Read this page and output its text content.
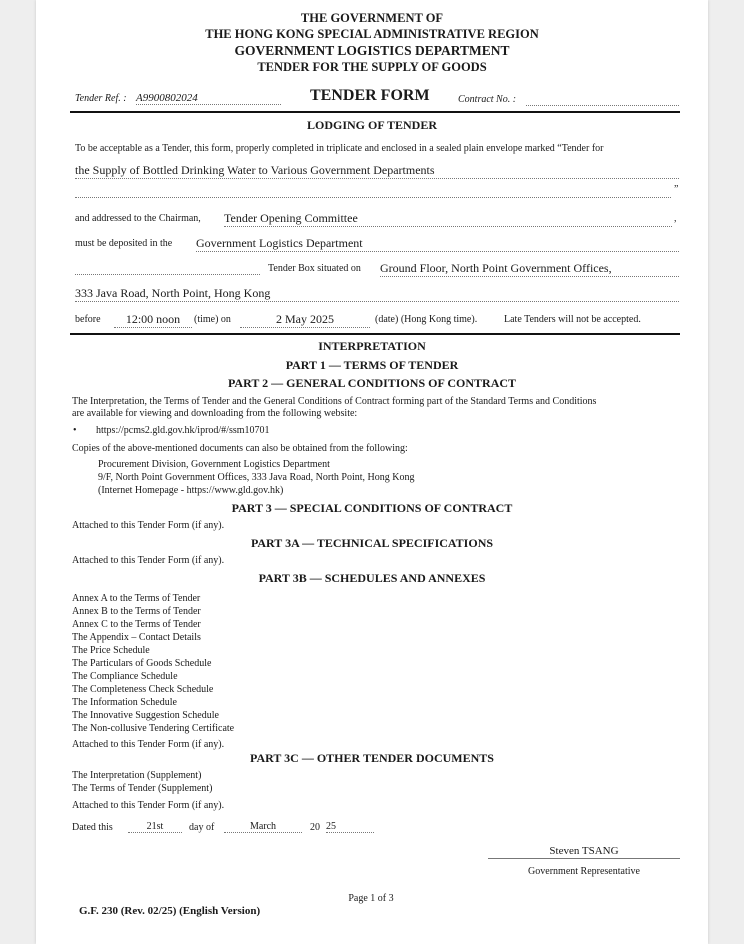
THE GOVERNMENT OF
THE HONG KONG SPECIAL ADMINISTRATIVE REGION
GOVERNMENT LOGISTICS DEPARTMENT
TENDER FOR THE SUPPLY OF GOODS
Tender Ref. : A9900802024	TENDER FORM	Contract No. :
LODGING OF TENDER
To be acceptable as a Tender, this form, properly completed in triplicate and enclosed in a sealed plain envelope marked “Tender for
the Supply of Bottled Drinking Water to Various Government Departments
”
and addressed to the Chairman, Tender Opening Committee	,
must be deposited in the Government Logistics Department
Tender Box situated on Ground Floor, North Point Government Offices,
333 Java Road, North Point, Hong Kong
before	12:00 noon	(time) on	2 May 2025	(date) (Hong Kong time).	Late Tenders will not be accepted.
INTERPRETATION
PART 1 — TERMS OF TENDER
PART 2 — GENERAL CONDITIONS OF CONTRACT
The Interpretation, the Terms of Tender and the General Conditions of Contract forming part of the Standard Terms and Conditions
are available for viewing and downloading from the following website:
• https://pcms2.gld.gov.hk/iprod/#/ssm10701
Copies of the above-mentioned documents can also be obtained from the following:
Procurement Division, Government Logistics Department
9/F, North Point Government Offices, 333 Java Road, North Point, Hong Kong
(Internet Homepage - https://www.gld.gov.hk)
PART 3 — SPECIAL CONDITIONS OF CONTRACT
Attached to this Tender Form (if any).
PART 3A — TECHNICAL SPECIFICATIONS
Attached to this Tender Form (if any).
PART 3B — SCHEDULES AND ANNEXES
Annex A to the Terms of Tender
Annex B to the Terms of Tender
Annex C to the Terms of Tender
The Appendix – Contact Details
The Price Schedule
The Particulars of Goods Schedule
The Compliance Schedule
The Completeness Check Schedule
The Information Schedule
The Innovative Suggestion Schedule
The Non-collusive Tendering Certificate
Attached to this Tender Form (if any).
PART 3C — OTHER TENDER DOCUMENTS
The Interpretation (Supplement)
The Terms of Tender (Supplement)
Attached to this Tender Form (if any).
Dated this	21st	day of	March	20 25
Steven TSANG
Government Representative
Page 1 of 3
G.F. 230 (Rev. 02/25) (English Version)
